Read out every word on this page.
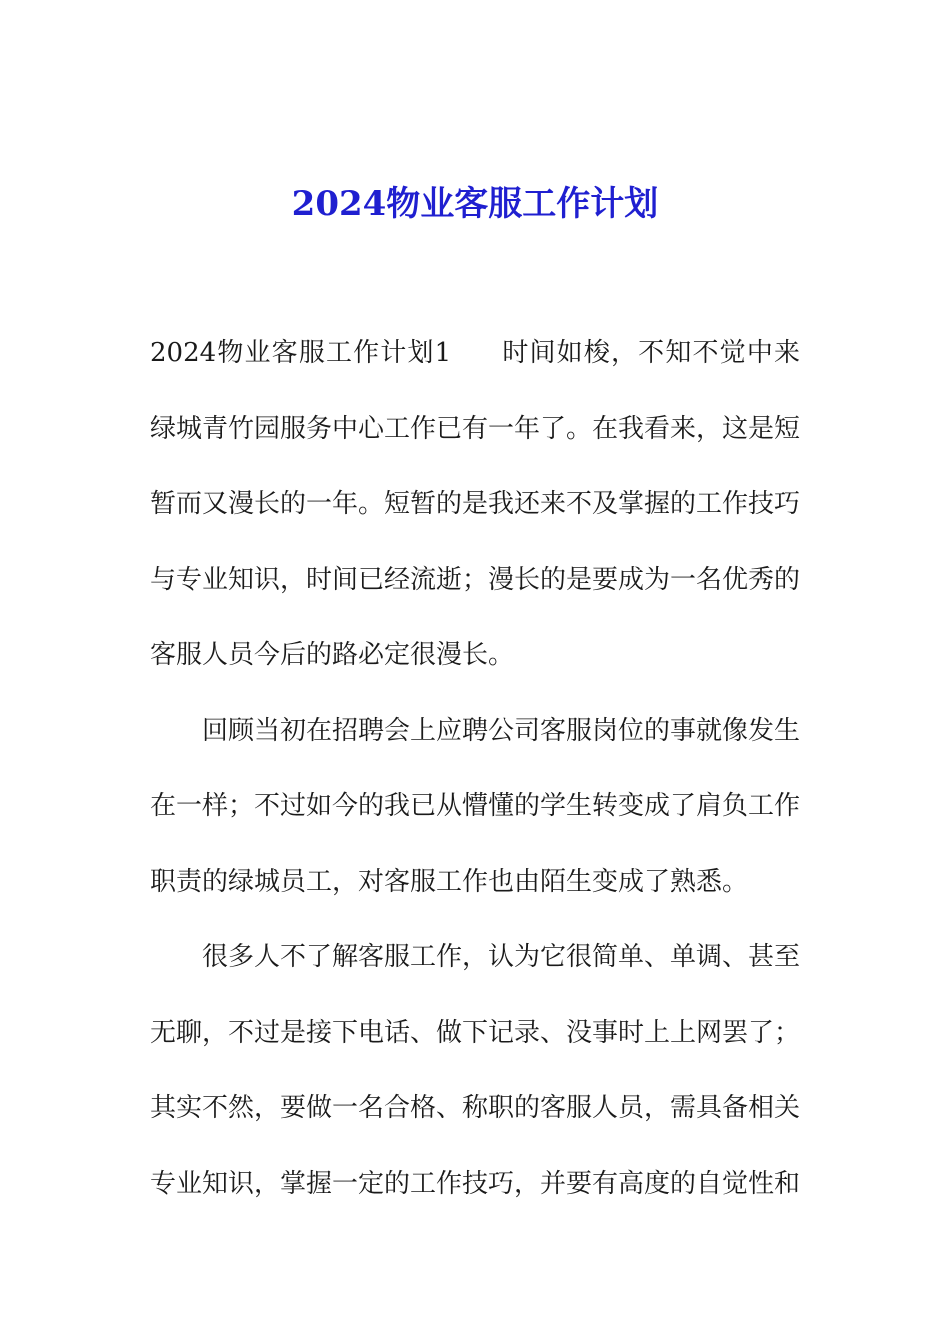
2024物业客服工作计划

2024物业客服工作计划1 时间如梭，不知不觉中来绿城青竹园服务中心工作已有一年了。在我看来，这是短暂而又漫长的一年。短暂的是我还来不及掌握的工作技巧与专业知识，时间已经流逝；漫长的是要成为一名优秀的客服人员今后的路必定很漫长。

回顾当初在招聘会上应聘公司客服岗位的事就像发生在一样；不过如今的我已从懵懂的学生转变成了肩负工作职责的绿城员工，对客服工作也由陌生变成了熟悉。

很多人不了解客服工作，认为它很简单、单调、甚至无聊，不过是接下电话、做下记录、没事时上上网罢了；其实不然，要做一名合格、称职的客服人员，需具备相关专业知识，掌握一定的工作技巧，并要有高度的自觉性和
